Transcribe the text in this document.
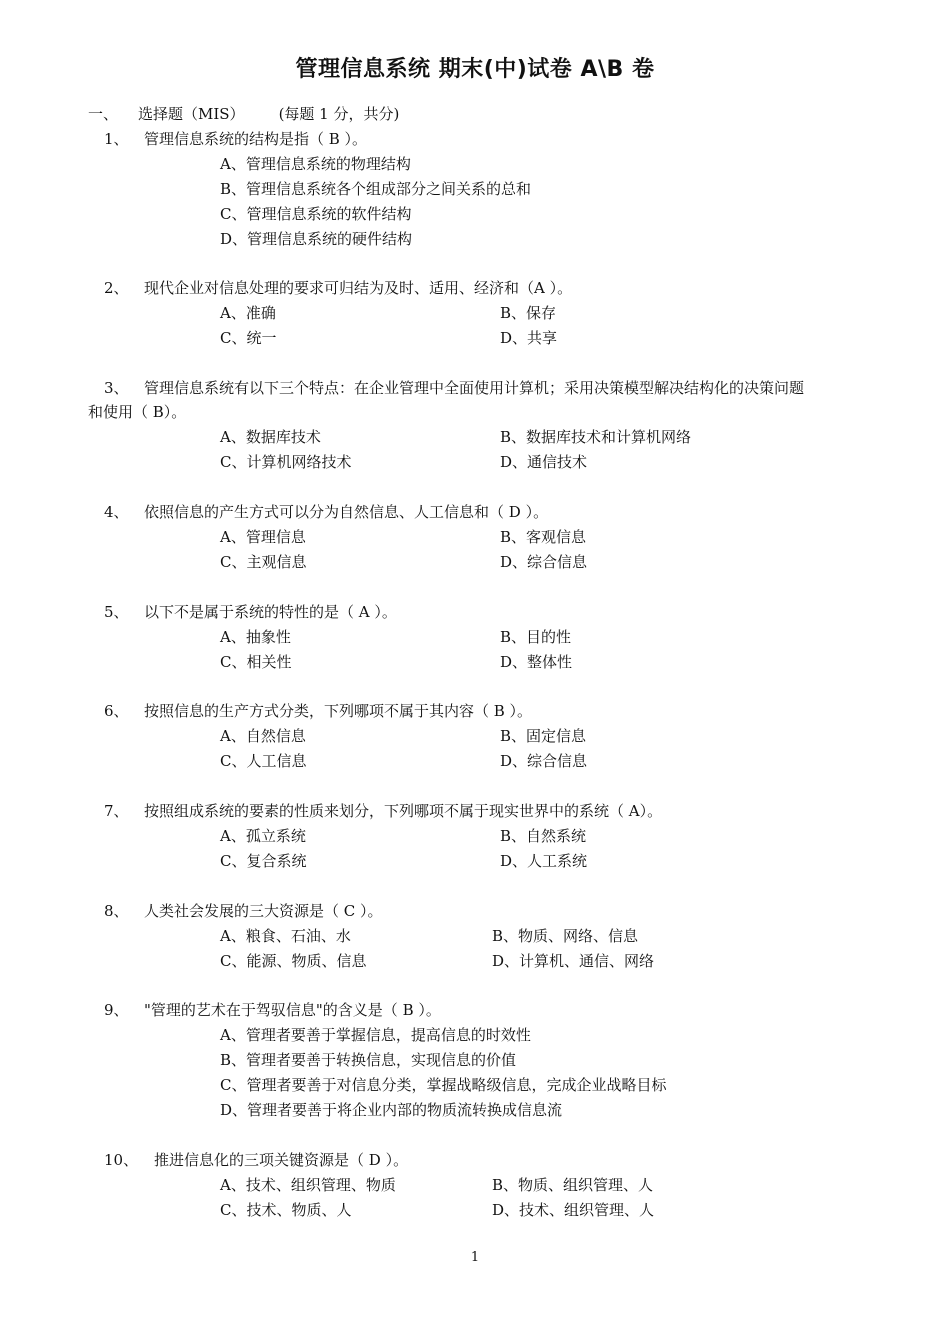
管理信息系统 期末(中)试卷 A\B 卷
一、 选择题（MIS） (每题 1 分，共分)
1、 管理信息系统的结构是指（ B ）。
A、管理信息系统的物理结构
B、管理信息系统各个组成部分之间关系的总和
C、管理信息系统的软件结构
D、管理信息系统的硬件结构
2、 现代企业对信息处理的要求可归结为及时、适用、经济和（A ）。
A、准确	B、保存
C、统一	D、共享
3、 管理信息系统有以下三个特点：在企业管理中全面使用计算机；采用决策模型解决结构化的决策问题
和使用（ B）。
A、数据库技术	B、数据库技术和计算机网络
C、计算机网络技术	D、通信技术
4、 依照信息的产生方式可以分为自然信息、人工信息和（ D ）。
A、管理信息	B、客观信息
C、主观信息	D、综合信息
5、 以下不是属于系统的特性的是（ A ）。
A、抽象性	B、目的性
C、相关性	D、整体性
6、 按照信息的生产方式分类，下列哪项不属于其内容（ B ）。
A、自然信息	B、固定信息
C、人工信息	D、综合信息
7、 按照组成系统的要素的性质来划分，下列哪项不属于现实世界中的系统（ A）。
A、孤立系统	B、自然系统
C、复合系统	D、人工系统
8、 人类社会发展的三大资源是（ C ）。
A、粮食、石油、水	B、物质、网络、信息
C、能源、物质、信息	D、计算机、通信、网络
9、 "管理的艺术在于驾驭信息"的含义是（ B ）。
A、管理者要善于掌握信息，提高信息的时效性
B、管理者要善于转换信息，实现信息的价值
C、管理者要善于对信息分类，掌握战略级信息，完成企业战略目标
D、管理者要善于将企业内部的物质流转换成信息流
10、 推进信息化的三项关键资源是（ D ）。
A、技术、组织管理、物质	B、物质、组织管理、人
C、技术、物质、人	D、技术、组织管理、人
1
